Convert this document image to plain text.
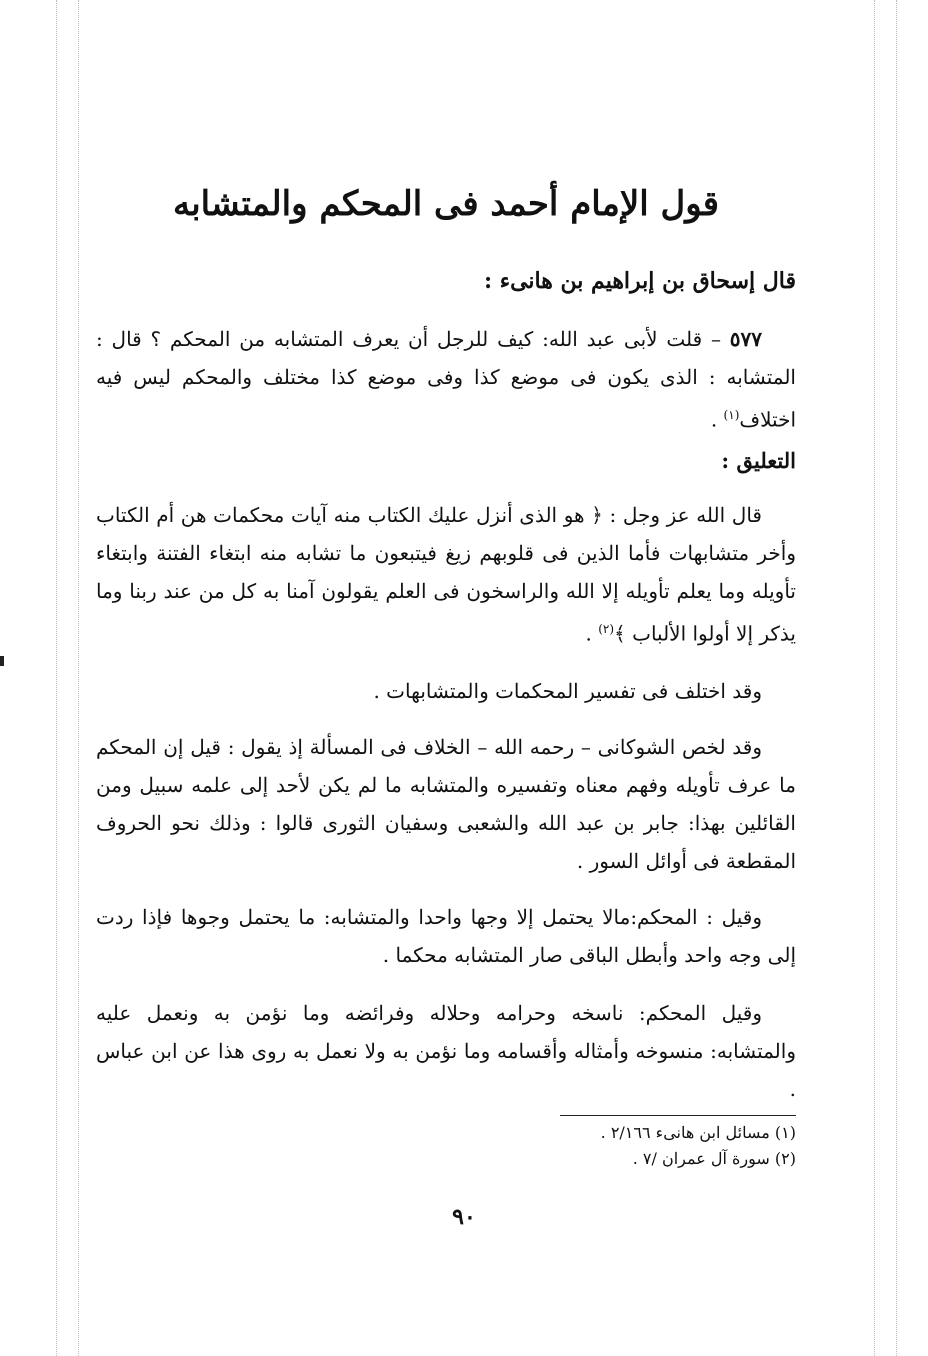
قول الإمام أحمد فى المحكم والمتشابه
قال إسحاق بن إبراهيم بن هانىء :

٥٧٧ – قلت لأبى عبد الله: كيف للرجل أن يعرف المتشابه من المحكم ؟ قال : المتشابه : الذى يكون فى موضع كذا وفى موضع كذا مختلف والمحكم ليس فيه اختلاف$^{(١)}$ .

التعليق :

قال الله عز وجل : ﴿ هو الذى أنزل عليك الكتاب منه آيات محكمات هن أم الكتاب وأخر متشابهات فأما الذين فى قلوبهم زيغ فيتبعون ما تشابه منه ابتغاء الفتنة وابتغاء تأويله وما يعلم تأويله إلا الله والراسخون فى العلم يقولون آمنا به كل من عند ربنا وما يذكر إلا أولوا الألباب ﴾$^{(٢)}$ .

وقد اختلف فى تفسير المحكمات والمتشابهات .

وقد لخص الشوكانى – رحمه الله – الخلاف فى المسألة إذ يقول : قيل إن المحكم ما عرف تأويله وفهم معناه وتفسيره والمتشابه ما لم يكن لأحد إلى علمه سبيل ومن القائلين بهذا: جابر بن عبد الله والشعبى وسفيان الثورى قالوا : وذلك نحو الحروف المقطعة فى أوائل السور .

وقيل : المحكم:مالا يحتمل إلا وجها واحدا والمتشابه: ما يحتمل وجوها فإذا ردت إلى وجه واحد وأبطل الباقى صار المتشابه محكما .

وقيل المحكم: ناسخه وحرامه وحلاله وفرائضه وما نؤمن به ونعمل عليه والمتشابه: منسوخه وأمثاله وأقسامه وما نؤمن به ولا نعمل به روى هذا عن ابن عباس .

(١) مسائل ابن هانىء ٢/١٦٦ .
(٢) سورة آل عمران /٧ .
٩٠
